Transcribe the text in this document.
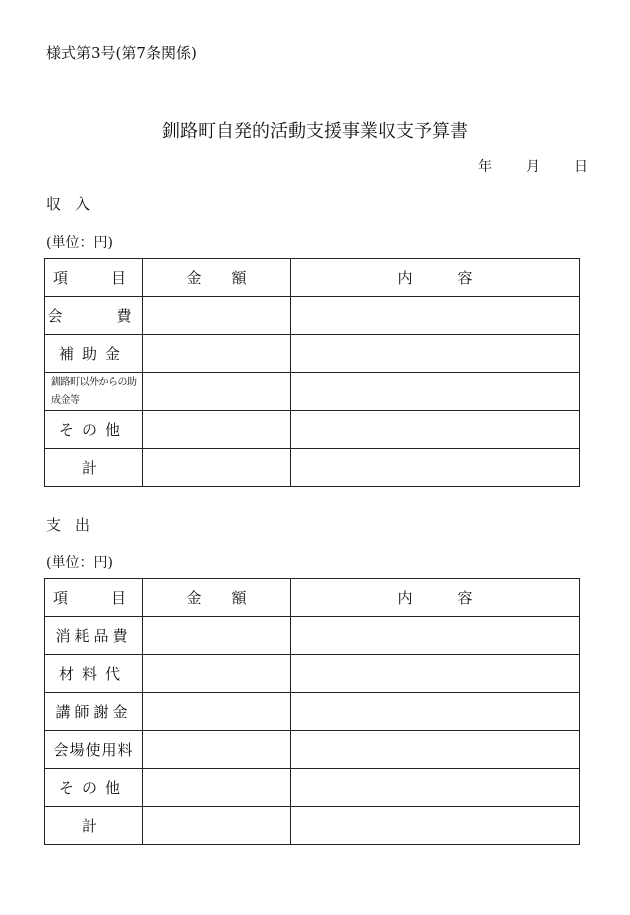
様式第3号(第7条関係)
釧路町自発的活動支援事業収支予算書
年 月 日
収入
(単位：円)
項 目	金　　額	内　　　容
会　　費		
補助金		
釧路町以外からの助成金等		
その他		
計		
支出
(単位：円)
項 目	金　　額	内　　　容
消耗品費		
材料代		
講師謝金		
会場使用料		
その他		
計		
